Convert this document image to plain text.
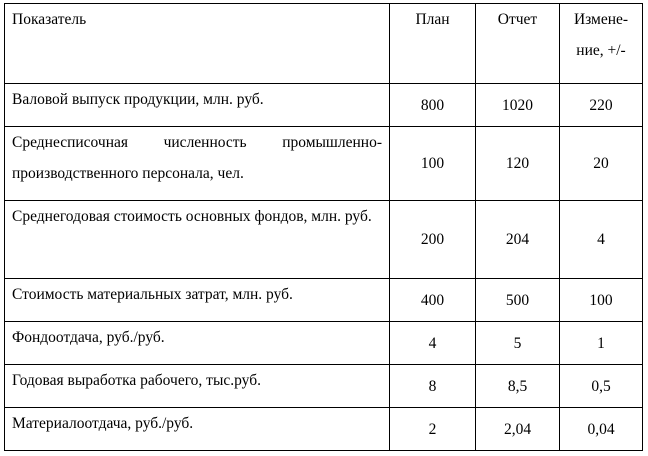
Показатель	План	Отчет	Измене-
ние, +/-

Валовой выпуск продукции, млн. руб.	800	1020	220
Среднесписочная численность промышленно-производственного персонала, чел.	100	120	20
Среднегодовая стоимость основных фондов, млн. руб.	200	204	4
Стоимость материальных затрат, млн. руб.	400	500	100
Фондоотдача, руб./руб.	4	5	1
Годовая выработка рабочего, тыс.руб.	8	8,5	0,5
Материалоотдача, руб./руб.	2	2,04	0,04
